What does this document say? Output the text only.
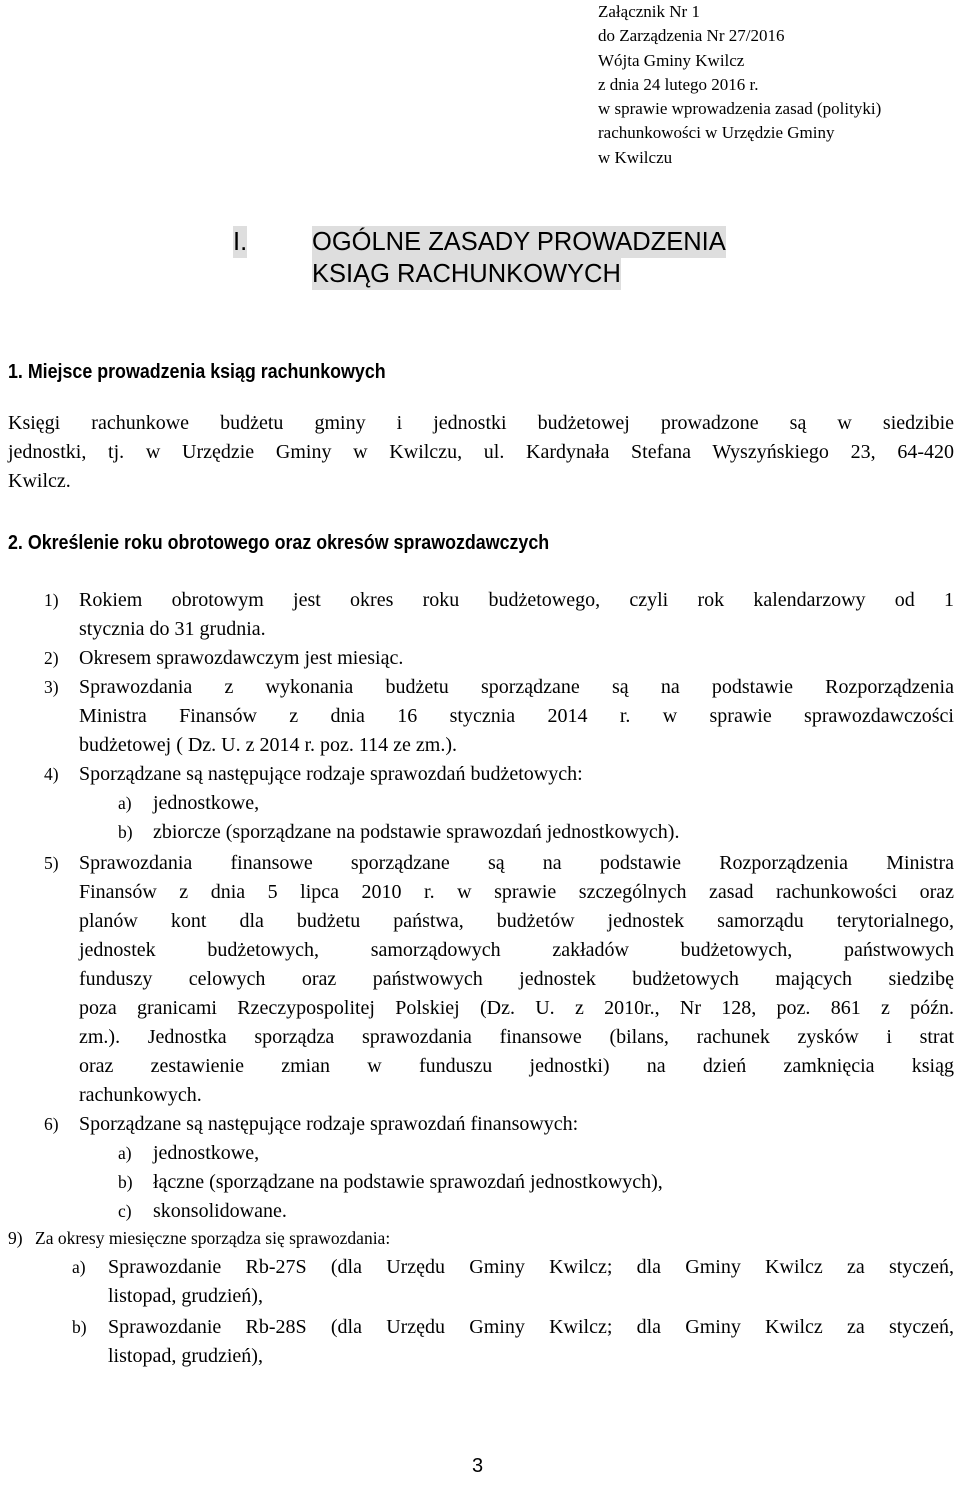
Załącznik Nr 1
do Zarządzenia Nr 27/2016
Wójta Gminy Kwilcz
z dnia 24 lutego 2016 r.
w sprawie wprowadzenia zasad (polityki)
rachunkowości w Urzędzie Gminy
w Kwilczu
I.	OGÓLNE ZASADY PROWADZENIA
KSIĄG RACHUNKOWYCH
1. Miejsce prowadzenia ksiąg rachunkowych
Księgi rachunkowe budżetu gminy i jednostki budżetowej prowadzone są w siedzibie
jednostki, tj. w Urzędzie Gminy w Kwilczu, ul. Kardynała Stefana Wyszyńskiego 23, 64-420
Kwilcz.
2. Określenie roku obrotowego oraz okresów sprawozdawczych
1) Rokiem obrotowym jest okres roku budżetowego, czyli rok kalendarzowy od 1
stycznia do 31 grudnia.
2) Okresem sprawozdawczym jest miesiąc.
3) Sprawozdania z wykonania budżetu sporządzane są na podstawie Rozporządzenia
Ministra Finansów z dnia 16 stycznia 2014 r. w sprawie sprawozdawczości
budżetowej ( Dz. U. z 2014 r. poz. 114 ze zm.).
4) Sporządzane są następujące rodzaje sprawozdań budżetowych:
a) jednostkowe,
b) zbiorcze (sporządzane na podstawie sprawozdań jednostkowych).
5) Sprawozdania finansowe sporządzane są na podstawie Rozporządzenia Ministra
Finansów z dnia 5 lipca 2010 r. w sprawie szczególnych zasad rachunkowości oraz
planów kont dla budżetu państwa, budżetów jednostek samorządu terytorialnego,
jednostek budżetowych, samorządowych zakładów budżetowych, państwowych
funduszy celowych oraz państwowych jednostek budżetowych mających siedzibę
poza granicami Rzeczypospolitej Polskiej (Dz. U. z 2010r., Nr 128, poz. 861 z późn.
zm.). Jednostka sporządza sprawozdania finansowe (bilans, rachunek zysków i strat
oraz zestawienie zmian w funduszu jednostki) na dzień zamknięcia ksiąg
rachunkowych.
6) Sporządzane są następujące rodzaje sprawozdań finansowych:
a) jednostkowe,
b) łączne (sporządzane na podstawie sprawozdań jednostkowych),
c) skonsolidowane.
9) Za okresy miesięczne sporządza się sprawozdania:
a) Sprawozdanie Rb-27S (dla Urzędu Gminy Kwilcz; dla Gminy Kwilcz za styczeń,
listopad, grudzień),
b) Sprawozdanie Rb-28S (dla Urzędu Gminy Kwilcz; dla Gminy Kwilcz za styczeń,
listopad, grudzień),
3
